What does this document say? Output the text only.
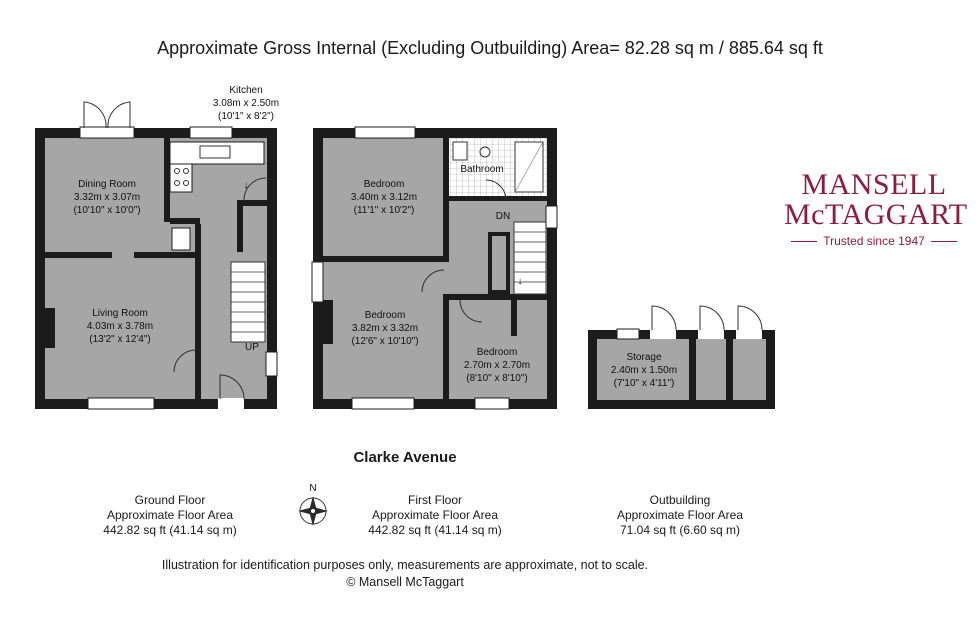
Approximate Gross Internal (Excluding Outbuilding) Area= 82.28 sq m / 885.64 sq ft
↓
UP
Kitchen
3.08m x 2.50m
(10'1" x 8'2")
Dining Room
3.32m x 3.07m
(10'10" x 10'0")
Living Room
4.03m x 3.78m
(13'2" x 12'4")
DN
↓
Bathroom
Bedroom
3.40m x 3.12m
(11'1" x 10'2")
Bedroom
3.82m x 3.32m
(12'6" x 10'10")
Bedroom
2.70m x 2.70m
(8'10" x 8'10")
Storage
2.40m x 1.50m
(7'10" x 4'11")
N
Clarke Avenue
Ground Floor
Approximate Floor Area
442.82 sq ft (41.14 sq m)
First Floor
Approximate Floor Area
442.82 sq ft (41.14 sq m)
Outbuilding
Approximate Floor Area
71.04 sq ft (6.60 sq m)
Illustration for identification purposes only, measurements are approximate, not to scale.
© Mansell McTaggart
MANSELL
McTAGGART
Trusted since 1947
